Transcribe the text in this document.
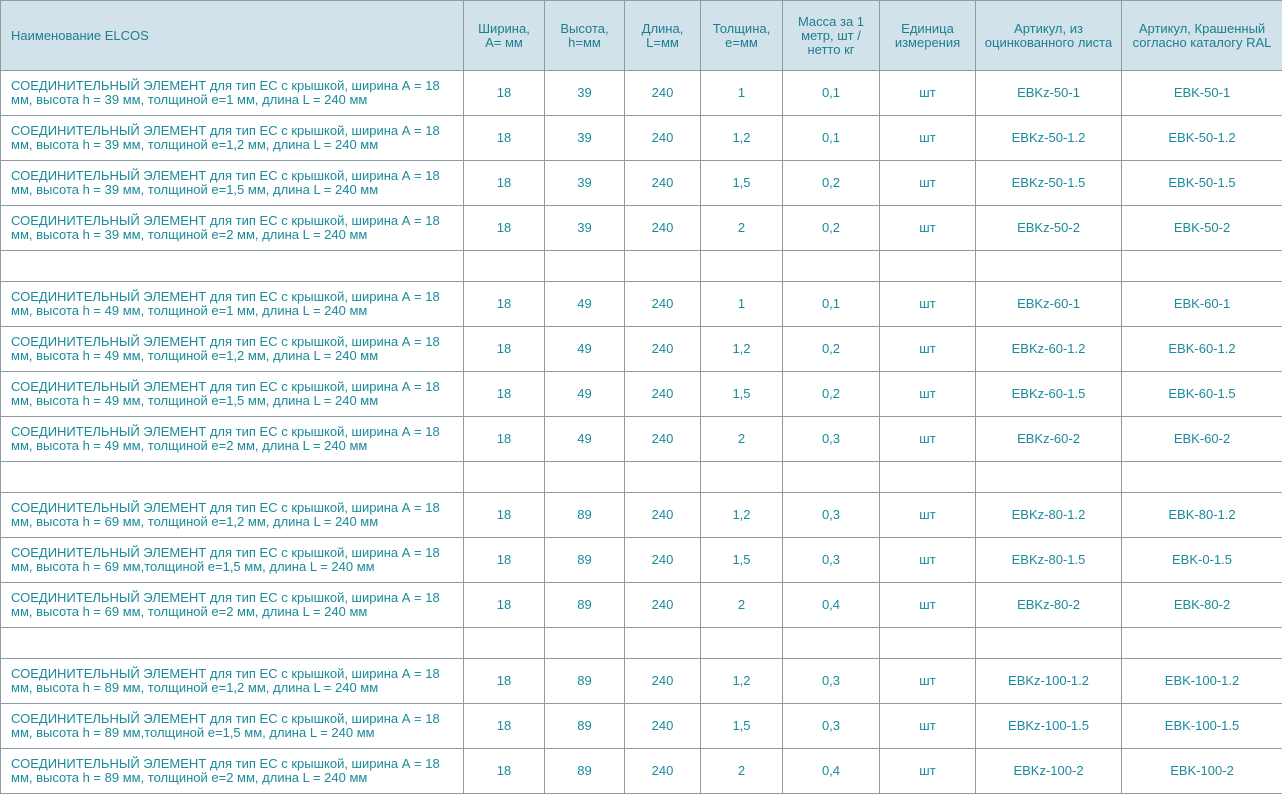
Наименование ELCOS	Ширина, A= мм	Высота, h=мм	Длина, L=мм	Толщина, e=мм	Масса за 1 метр, шт / нетто кг	Единица измерения	Артикул, из оцинкованного листа	Артикул, Крашенный согласно каталогу RAL
СОЕДИНИТЕЛЬНЫЙ ЭЛЕМЕНТ для тип ЕС с крышкой, ширина А = 18 мм, высота h = 39 мм, толщиной e=1 мм, длина L = 240 мм	18	39	240	1	0,1	шт	EBKz-50-1	EBK-50-1
СОЕДИНИТЕЛЬНЫЙ ЭЛЕМЕНТ для тип ЕС с крышкой, ширина А = 18 мм, высота h = 39 мм, толщиной e=1,2 мм, длина L = 240 мм	18	39	240	1,2	0,1	шт	EBKz-50-1.2	EBK-50-1.2
СОЕДИНИТЕЛЬНЫЙ ЭЛЕМЕНТ для тип ЕС с крышкой, ширина А = 18 мм, высота h = 39 мм, толщиной e=1,5 мм, длина L = 240 мм	18	39	240	1,5	0,2	шт	EBKz-50-1.5	EBK-50-1.5
СОЕДИНИТЕЛЬНЫЙ ЭЛЕМЕНТ для тип ЕС с крышкой, ширина А = 18 мм, высота h = 39 мм, толщиной e=2 мм, длина L = 240 мм	18	39	240	2	0,2	шт	EBKz-50-2	EBK-50-2

СОЕДИНИТЕЛЬНЫЙ ЭЛЕМЕНТ для тип ЕС с крышкой, ширина А = 18 мм, высота h = 49 мм, толщиной e=1 мм, длина L = 240 мм	18	49	240	1	0,1	шт	EBKz-60-1	EBK-60-1
СОЕДИНИТЕЛЬНЫЙ ЭЛЕМЕНТ для тип ЕС с крышкой, ширина А = 18 мм, высота h = 49 мм, толщиной e=1,2 мм, длина L = 240 мм	18	49	240	1,2	0,2	шт	EBKz-60-1.2	EBK-60-1.2
СОЕДИНИТЕЛЬНЫЙ ЭЛЕМЕНТ для тип ЕС с крышкой, ширина А = 18 мм, высота h = 49 мм, толщиной e=1,5 мм, длина L = 240 мм	18	49	240	1,5	0,2	шт	EBKz-60-1.5	EBK-60-1.5
СОЕДИНИТЕЛЬНЫЙ ЭЛЕМЕНТ для тип ЕС с крышкой, ширина А = 18 мм, высота h = 49 мм, толщиной e=2 мм, длина L = 240 мм	18	49	240	2	0,3	шт	EBKz-60-2	EBK-60-2

СОЕДИНИТЕЛЬНЫЙ ЭЛЕМЕНТ для тип ЕС с крышкой, ширина А = 18 мм, высота h = 69 мм, толщиной e=1,2 мм, длина L = 240 мм	18	89	240	1,2	0,3	шт	EBKz-80-1.2	EBK-80-1.2
СОЕДИНИТЕЛЬНЫЙ ЭЛЕМЕНТ для тип ЕС с крышкой, ширина А = 18 мм, высота h = 69 мм,толщиной e=1,5 мм, длина L = 240 мм	18	89	240	1,5	0,3	шт	EBKz-80-1.5	EBK-0-1.5
СОЕДИНИТЕЛЬНЫЙ ЭЛЕМЕНТ для тип ЕС с крышкой, ширина А = 18 мм, высота h = 69 мм, толщиной e=2 мм, длина L = 240 мм	18	89	240	2	0,4	шт	EBKz-80-2	EBK-80-2

СОЕДИНИТЕЛЬНЫЙ ЭЛЕМЕНТ для тип ЕС с крышкой, ширина А = 18 мм, высота h = 89 мм, толщиной e=1,2 мм, длина L = 240 мм	18	89	240	1,2	0,3	шт	EBKz-100-1.2	EBK-100-1.2
СОЕДИНИТЕЛЬНЫЙ ЭЛЕМЕНТ для тип ЕС с крышкой, ширина А = 18 мм, высота h = 89 мм,толщиной e=1,5 мм, длина L = 240 мм	18	89	240	1,5	0,3	шт	EBKz-100-1.5	EBK-100-1.5
СОЕДИНИТЕЛЬНЫЙ ЭЛЕМЕНТ для тип ЕС с крышкой, ширина А = 18 мм, высота h = 89 мм, толщиной e=2 мм, длина L = 240 мм	18	89	240	2	0,4	шт	EBKz-100-2	EBK-100-2
